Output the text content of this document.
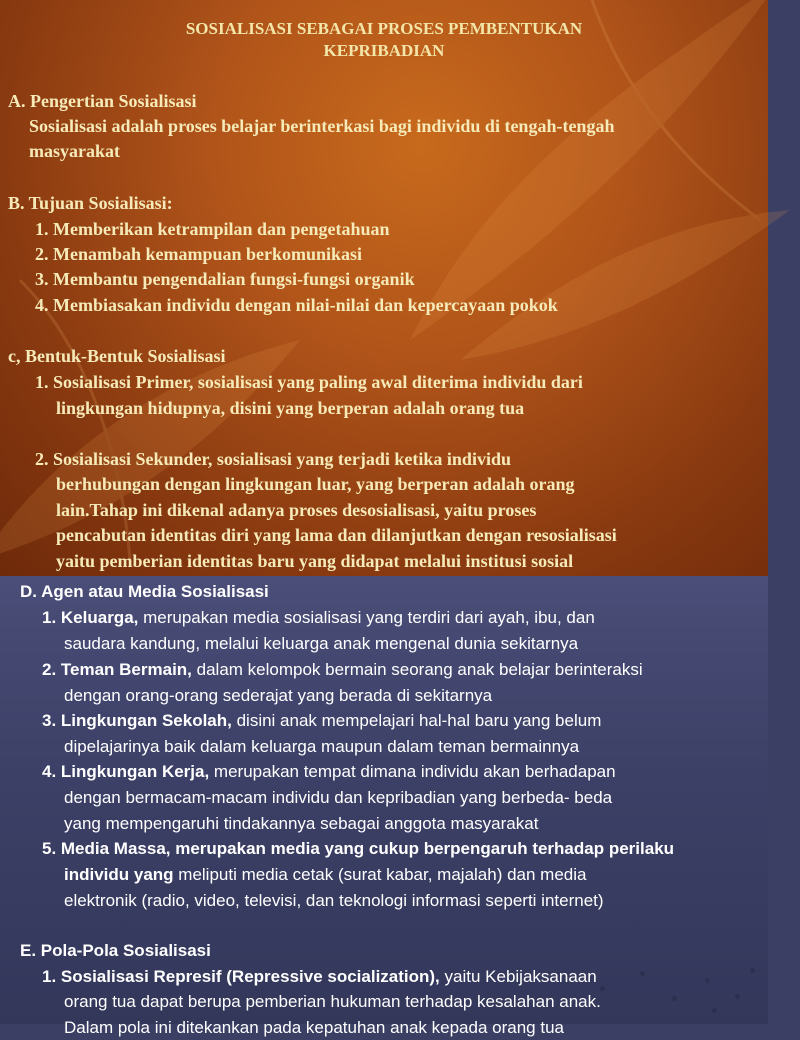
SOSIALISASI SEBAGAI PROSES PEMBENTUKAN
KEPRIBADIAN
A. Pengertian Sosialisasi
Sosialisasi adalah proses belajar berinterkasi bagi individu di tengah-tengah
masyarakat
B. Tujuan Sosialisasi:
1. Memberikan ketrampilan dan pengetahuan
2. Menambah kemampuan berkomunikasi
3. Membantu pengendalian fungsi-fungsi organik
4. Membiasakan individu dengan nilai-nilai dan kepercayaan pokok
c, Bentuk-Bentuk Sosialisasi
1. Sosialisasi Primer, sosialisasi yang paling awal diterima individu dari
lingkungan hidupnya, disini yang berperan adalah orang tua
2. Sosialisasi Sekunder, sosialisasi yang terjadi ketika individu
berhubungan dengan lingkungan luar, yang berperan adalah orang
lain.Tahap ini dikenal adanya proses desosialisasi, yaitu proses
pencabutan identitas diri yang lama dan dilanjutkan dengan resosialisasi
yaitu pemberian identitas baru yang didapat melalui institusi sosial
D. Agen atau Media Sosialisasi
1. Keluarga, merupakan media sosialisasi yang terdiri dari ayah, ibu, dan
saudara kandung, melalui keluarga anak mengenal dunia sekitarnya
2. Teman Bermain, dalam kelompok bermain seorang anak belajar berinteraksi
dengan orang-orang sederajat yang berada di sekitarnya
3. Lingkungan Sekolah, disini anak mempelajari hal-hal baru yang belum
dipelajarinya baik dalam keluarga maupun dalam teman bermainnya
4. Lingkungan Kerja, merupakan tempat dimana individu akan berhadapan
dengan bermacam-macam individu dan kepribadian yang berbeda- beda
yang mempengaruhi tindakannya sebagai anggota masyarakat
5. Media Massa, merupakan media yang cukup berpengaruh terhadap perilaku
individu yang meliputi media cetak (surat kabar, majalah) dan media
elektronik (radio, video, televisi, dan teknologi informasi seperti internet)
E. Pola-Pola Sosialisasi
1. Sosialisasi Represif (Repressive socialization), yaitu Kebijaksanaan
orang tua dapat berupa pemberian hukuman terhadap kesalahan anak.
Dalam pola ini ditekankan pada kepatuhan anak kepada orang tua
